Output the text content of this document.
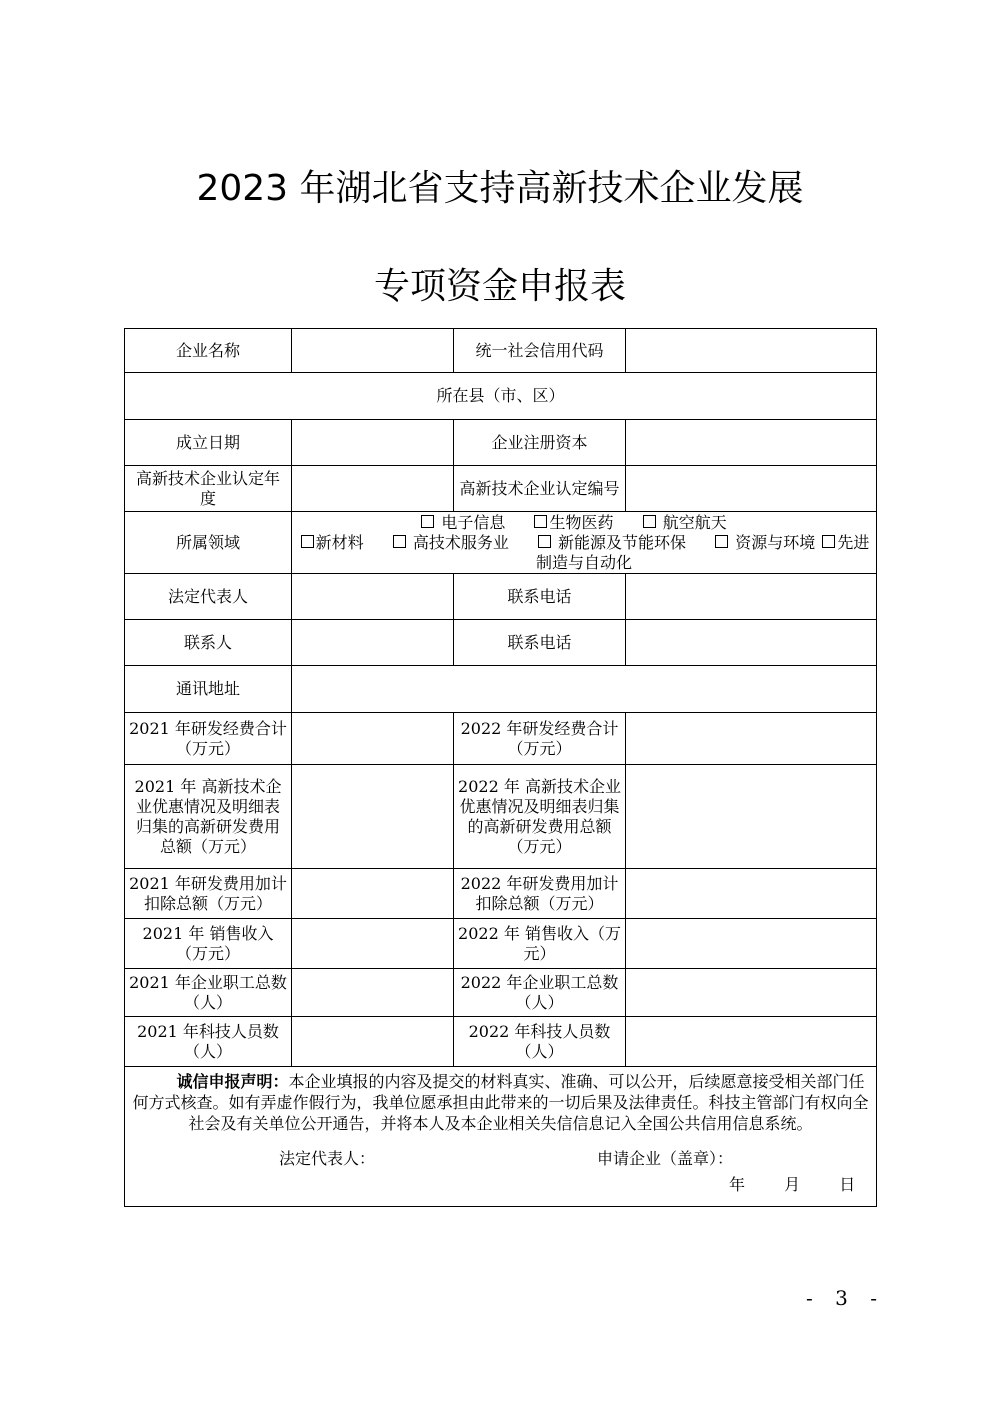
2023 年湖北省支持高新技术企业发展
专项资金申报表
企业名称		统一社会信用代码	
所在县（市、区）			
成立日期		企业注册资本	
高新技术企业认定年度		高新技术企业认定编号	
所属领域	电子信息 生物医药 航空航天
新材料 高技术服务业 新能源及节能环保 资源与环境 先进制造与自动化		
法定代表人		联系电话	
联系人		联系电话	
通讯地址			
2021 年研发经费合计（万元）		2022 年研发经费合计（万元）	
2021 年 高新技术企业优惠情况及明细表归集的高新研发费用总额（万元）		2022 年 高新技术企业优惠情况及明细表归集的高新研发费用总额（万元）	
2021 年研发费用加计扣除总额（万元）		2022 年研发费用加计扣除总额（万元）	
2021 年 销售收入（万元）		2022 年 销售收入（万元）	
2021 年企业职工总数（人）		2022 年企业职工总数（人）	
2021 年科技人员数（人）		2022 年科技人员数（人）	

诚信申报声明：本企业填报的内容及提交的材料真实、准确、可以公开，后续愿意接受相关部门任何方式核查。如有弄虚作假行为，我单位愿承担由此带来的一切后果及法律责任。科技主管部门有权向全社会及有关单位公开通告，并将本人及本企业相关失信信息记入全国公共信用信息系统。
法定代表人： 申请企业（盖章）：
年 月 日			
- 3 -
